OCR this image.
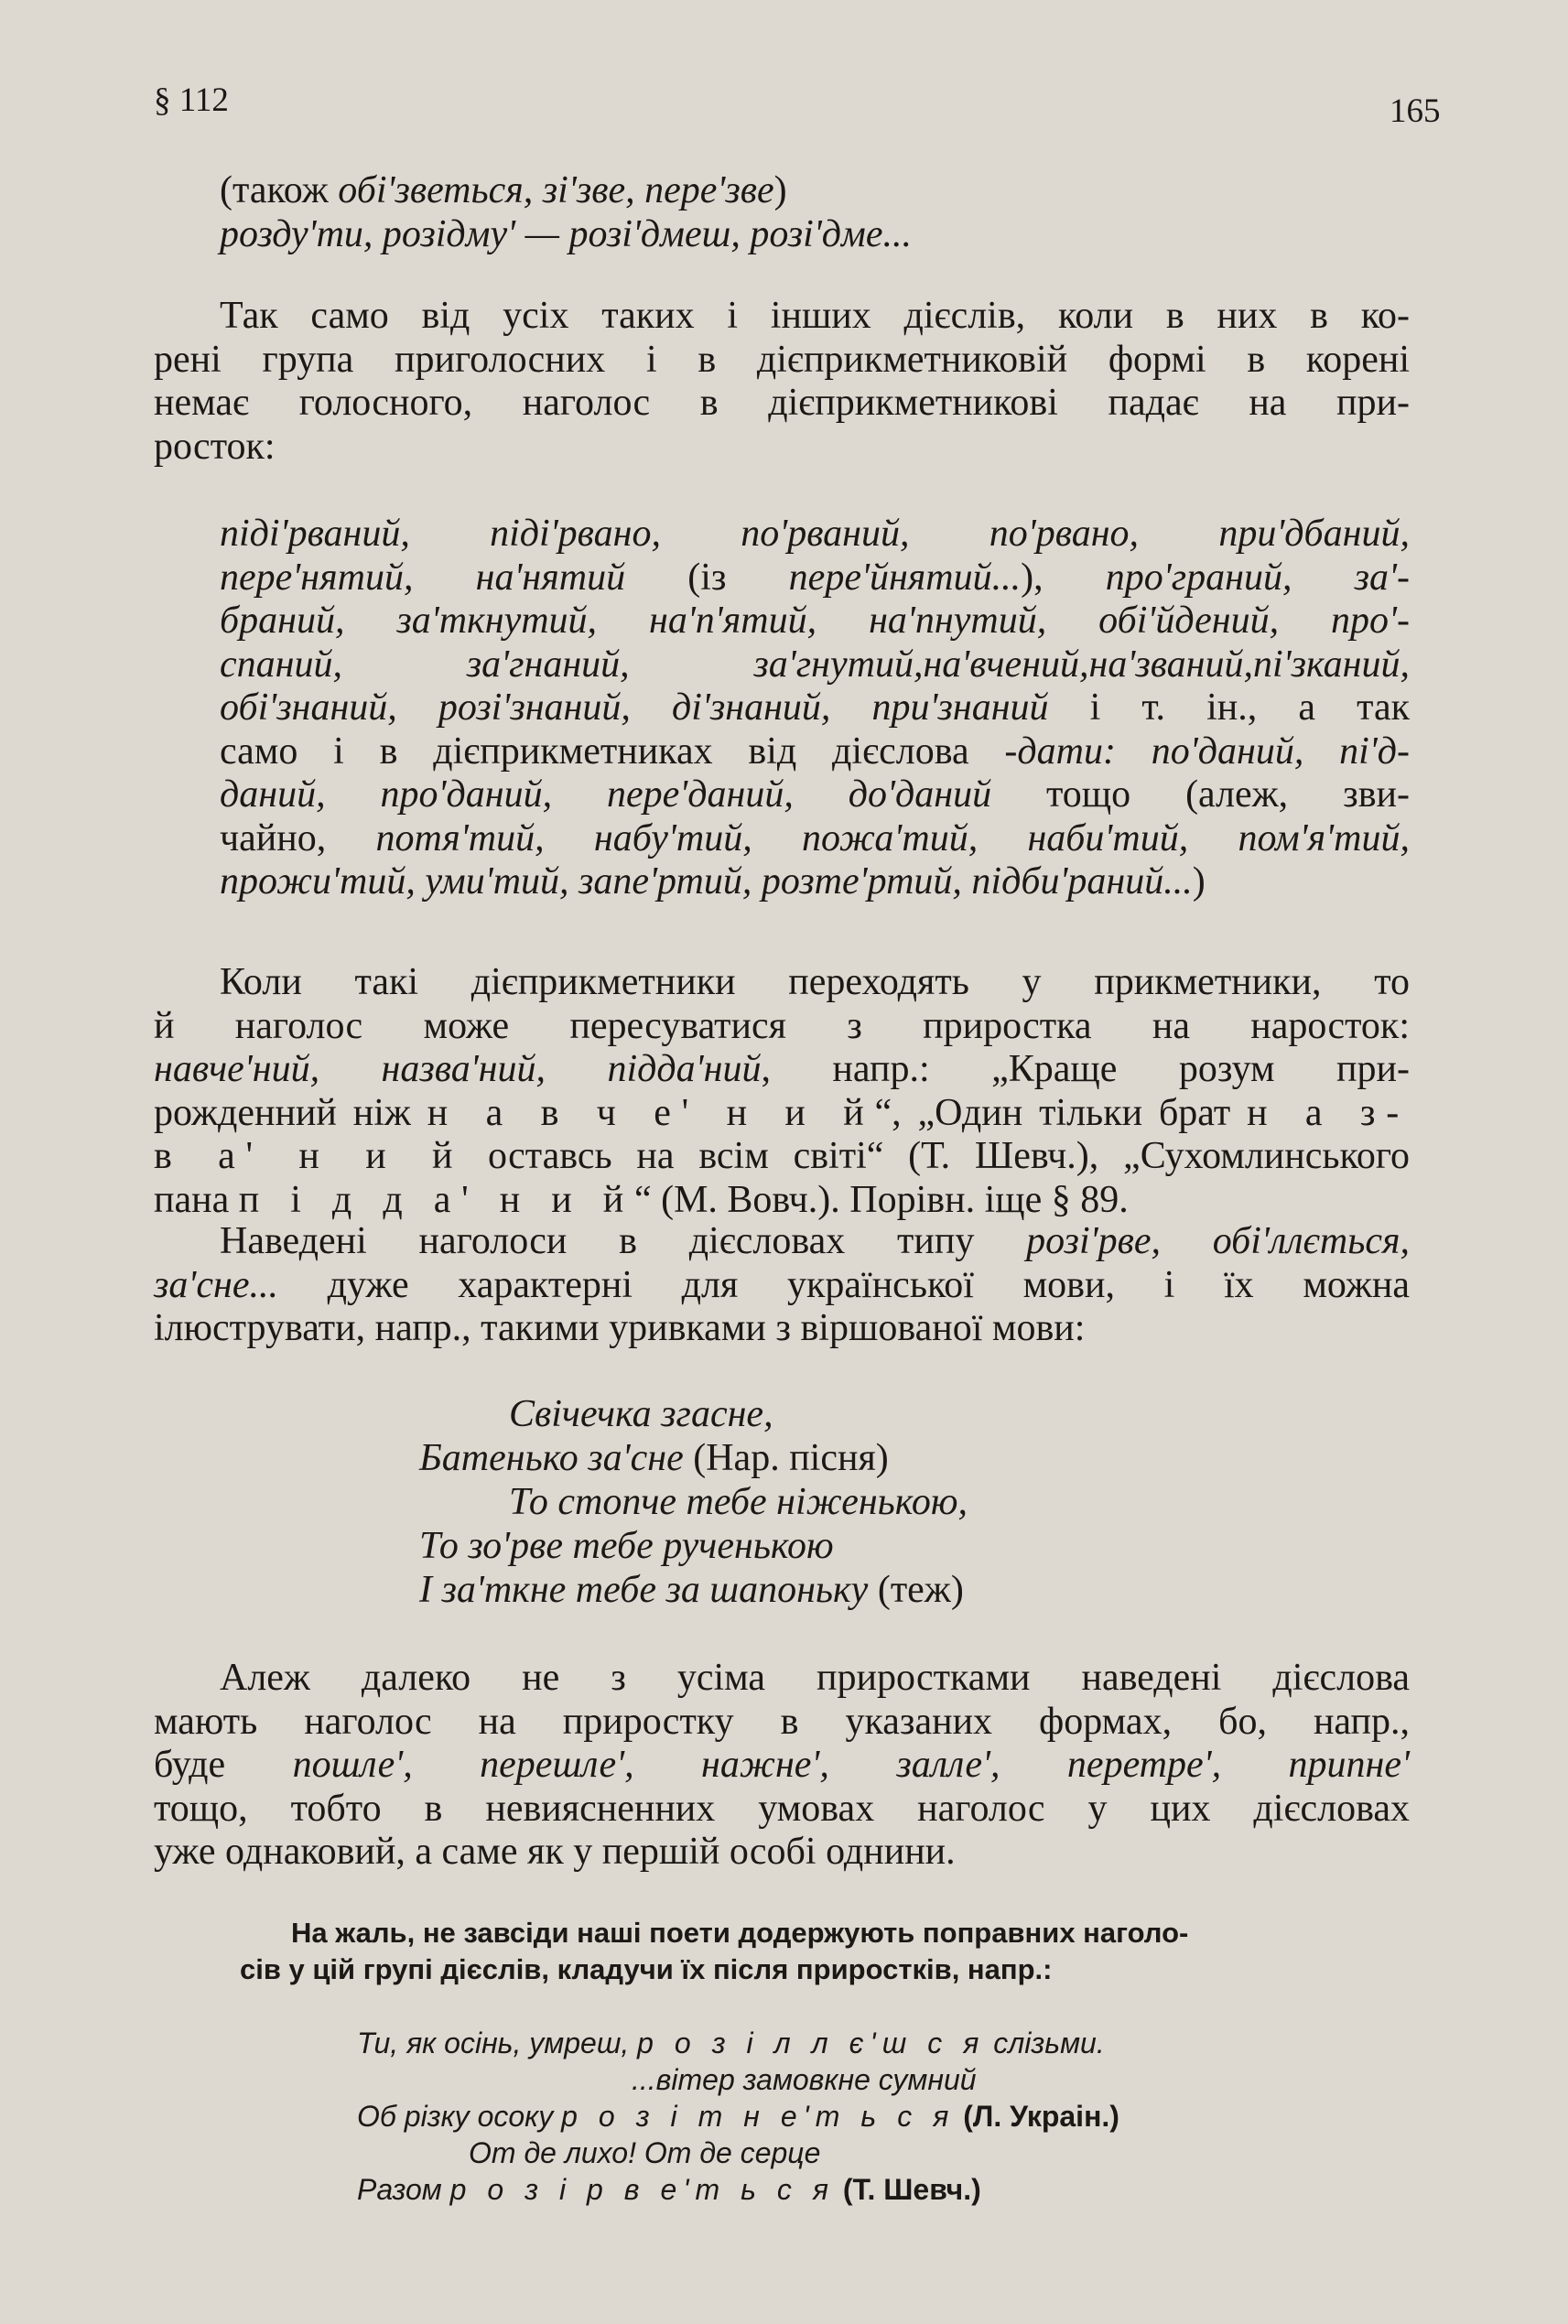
§ 112	165
(також обі'зветься, зі'зве, пере'зве)
розду'ти, розідму' — розі'дмеш, розі'дме...
Так само від усіх таких і інших дієслів, коли в них в ко-
рені група приголосних і в дієприкметниковій формі в корені
немає голосного, наголос в дієприкметникові падає на при-
росток:
піді'рваний, піді'рвано, по'рваний, по'рвано, при'дбаний,
пере'нятий, на'нятий (із пере'йнятий...), про'граний, за'-
браний, за'ткнутий, на'п'ятий, на'пнутий, обі'йдений, про'-
спаний, за'гнаний, за'гнутий,на'вчений,на'званий,пі'зканий,
обі'знаний, розі'знаний, ді'знаний, при'знаний і т. ін., а так
само і в дієприкметниках від дієслова -дати: по'даний, пі'д-
даний, про'даний, пере'даний, до'даний тощо (алеж, зви-
чайно, потя'тий, набу'тий, пожа'тий, наби'тий, пом'я'тий,
прожи'тий, уми'тий, запе'ртий, розте'ртий, підби'раний...)
Коли такі дієприкметники переходять у прикметники, то
й наголос може пересуватися з приростка на наросток:
навче'ний, назва'ний, підда'ний, напр.: „Краще розум при-
рожденний ніж н а в ч е' н и й“, „Один тільки брат н а з-
в а' н и й оставсь на всім світі“ (Т. Шевч.), „Сухомлинського
пана п і д д а' н и й“ (М. Вовч.). Порівн. іще § 89.
Наведені наголоси в дієсловах типу розі'рве, обі'ллється,
за'сне... дуже характерні для української мови, і їх можна
ілюструвати, напр., такими уривками з віршованої мови:
Свічечка згасне,
Батенько за'сне (Нар. пісня)
То стопче тебе ніженькою,
То зо'рве тебе рученькою
І за'ткне тебе за шапоньку (теж)
Алеж далеко не з усіма приростками наведені дієслова
мають наголос на приростку в указаних формах, бо, напр.,
буде пошле', перешле', нажне', залле', перетре', припне'
тощо, тобто в невиясненних умовах наголос у цих дієсловах
уже однаковий, а саме як у першій особі однини.
На жаль, не завсіди наші поети додержують поправних наголо-
сів у цій групі дієслів, кладучи їх після приростків, напр.:
Ти, як осінь, умреш, р о з і л л є'ш с я слізьми.
...вітер замовкне сумний
Об різку осоку р о з і т н е'т ь с я (Л. Украін.)
От де лихо! От де серце
Разом р о з і р в е'т ь с я (Т. Шевч.)
